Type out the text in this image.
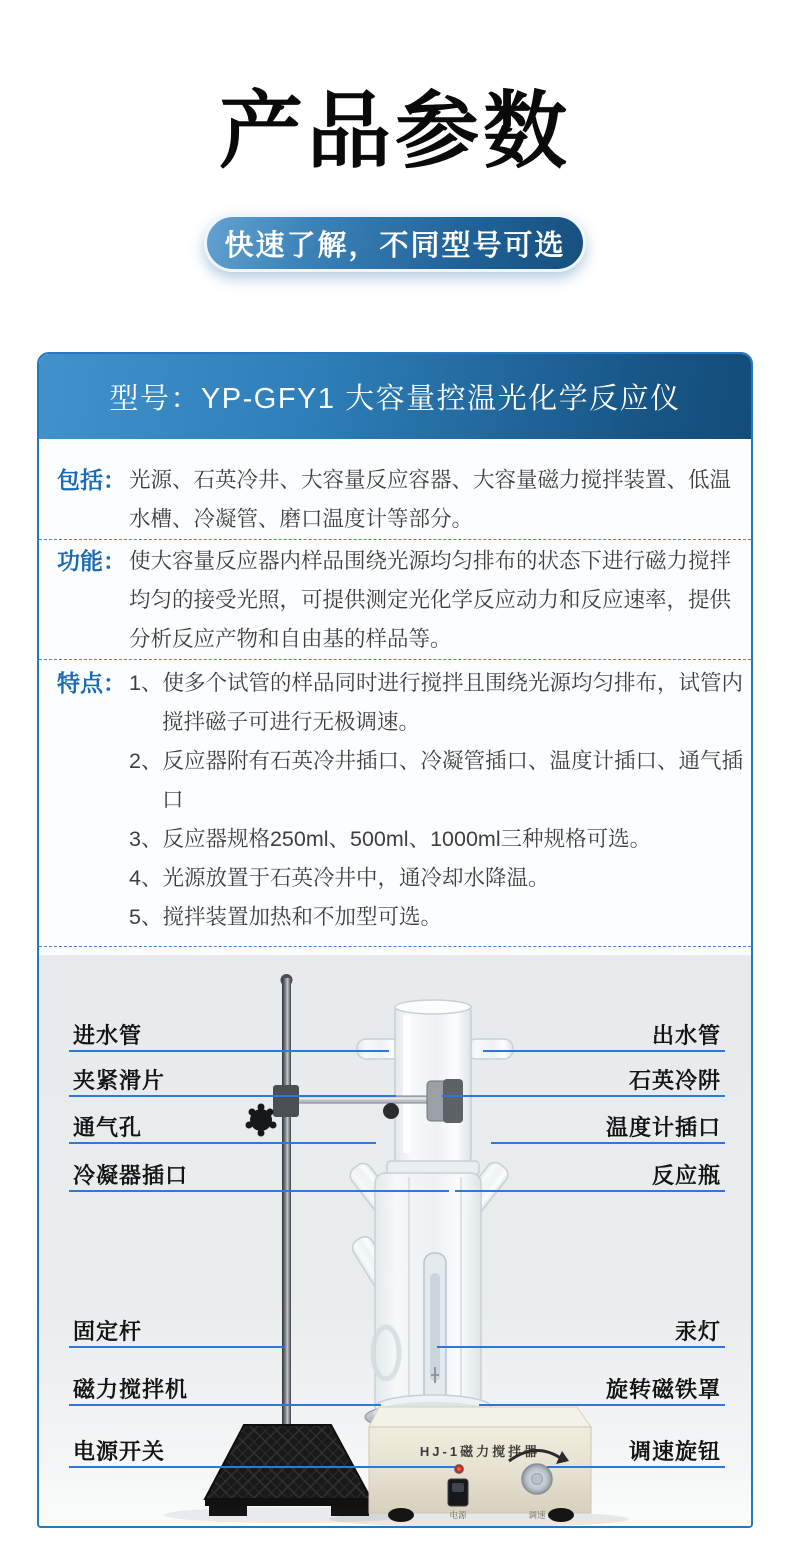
产品参数
快速了解，不同型号可选
型号：YP-GFY1 大容量控温光化学反应仪
包括： 光源、石英冷井、大容量反应容器、大容量磁力搅拌装置、低温水槽、冷凝管、磨口温度计等部分。
功能： 使大容量反应器内样品围绕光源均匀排布的状态下进行磁力搅拌均匀的接受光照，可提供测定光化学反应动力和反应速率，提供分析反应产物和自由基的样品等。
特点： 1、使多个试管的样品同时进行搅拌且围绕光源均匀排布，试管内搅拌磁子可进行无极调速。
2、反应器附有石英冷井插口、冷凝管插口、温度计插口、通气插口
3、反应器规格250ml、500ml、1000ml三种规格可选。
4、光源放置于石英冷井中，通冷却水降温。
5、搅拌装置加热和不加型可选。
HJ-1磁力搅拌器
电源	调速
进水管
夹紧滑片
通气孔
冷凝器插口
固定杆
磁力搅拌机
电源开关
出水管
石英冷阱
温度计插口
反应瓶
汞灯
旋转磁铁罩
调速旋钮
